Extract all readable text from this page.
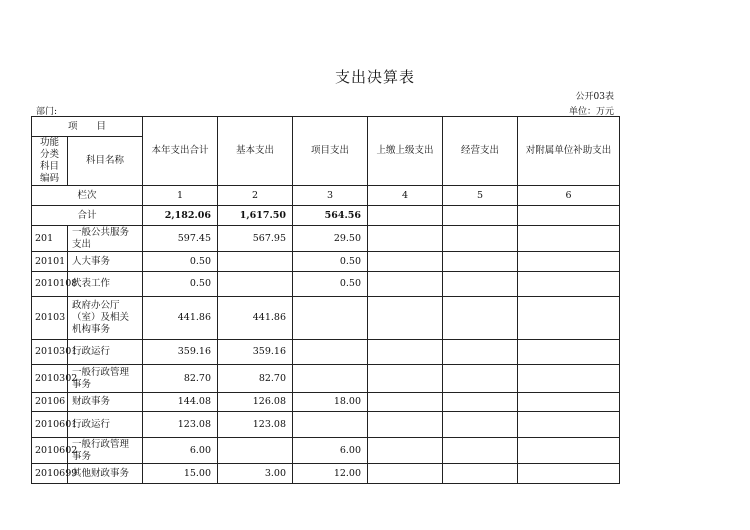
支出决算表
公开03表
部门:	单位：万元
项　　目		本年支出合计	基本支出	项目支出	上缴上级支出	经营支出	对附属单位补助支出
功能分类科目编码	科目名称						

栏次		1	2	3	4	5	6
合计		2,182.06	1,617.50	564.56			
201	一般公共服务支出	597.45	567.95	29.50			
20101	人大事务	0.50		0.50			
2010108	代表工作	0.50		0.50			
20103	政府办公厅（室）及相关机构事务	441.86	441.86				
2010301	行政运行	359.16	359.16				
2010302	一般行政管理事务	82.70	82.70				
20106	财政事务	144.08	126.08	18.00			
2010601	行政运行	123.08	123.08				
2010602	一般行政管理事务	6.00		6.00			
2010699	其他财政事务	15.00	3.00	12.00			
